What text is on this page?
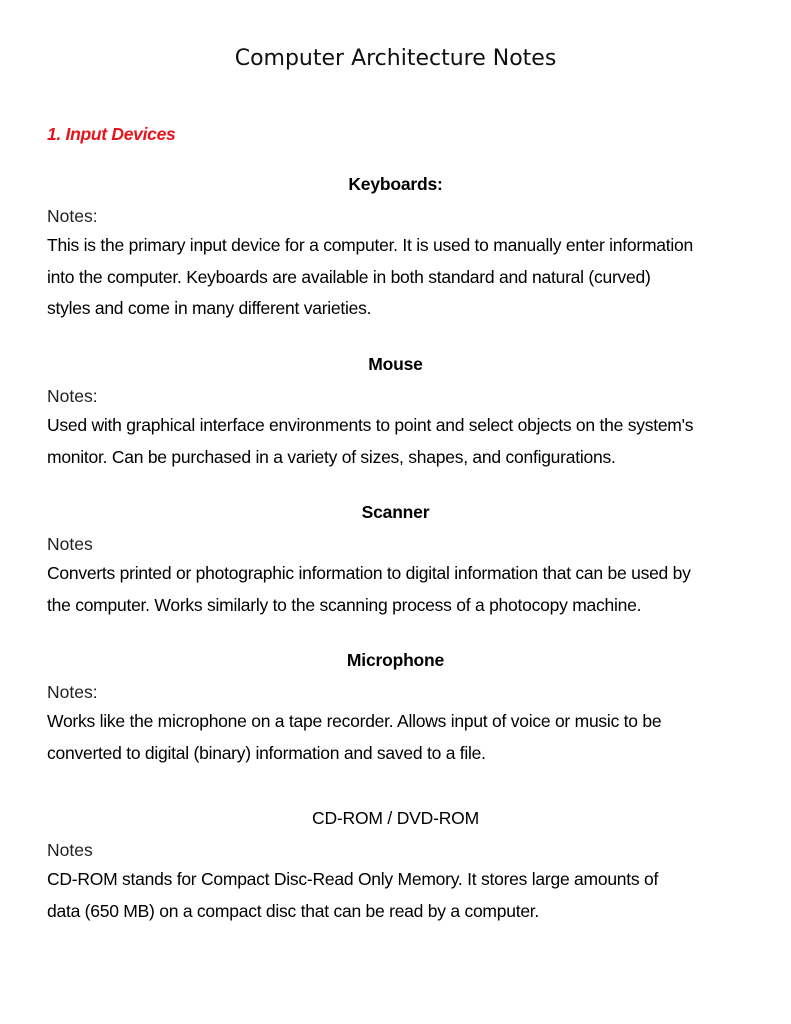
Computer Architecture Notes
1. Input Devices
Keyboards:

Notes:

This is the primary input device for a computer. It is used to manually enter information
into the computer. Keyboards are available in both standard and natural (curved)
styles and come in many different varieties.

Mouse

Notes:

Used with graphical interface environments to point and select objects on the system's
monitor. Can be purchased in a variety of sizes, shapes, and configurations.

Scanner

Notes

Converts printed or photographic information to digital information that can be used by
the computer. Works similarly to the scanning process of a photocopy machine.

Microphone

Notes:

Works like the microphone on a tape recorder. Allows input of voice or music to be
converted to digital (binary) information and saved to a file.

CD-ROM / DVD-ROM

Notes

CD-ROM stands for Compact Disc-Read Only Memory. It stores large amounts of
data (650 MB) on a compact disc that can be read by a computer.
